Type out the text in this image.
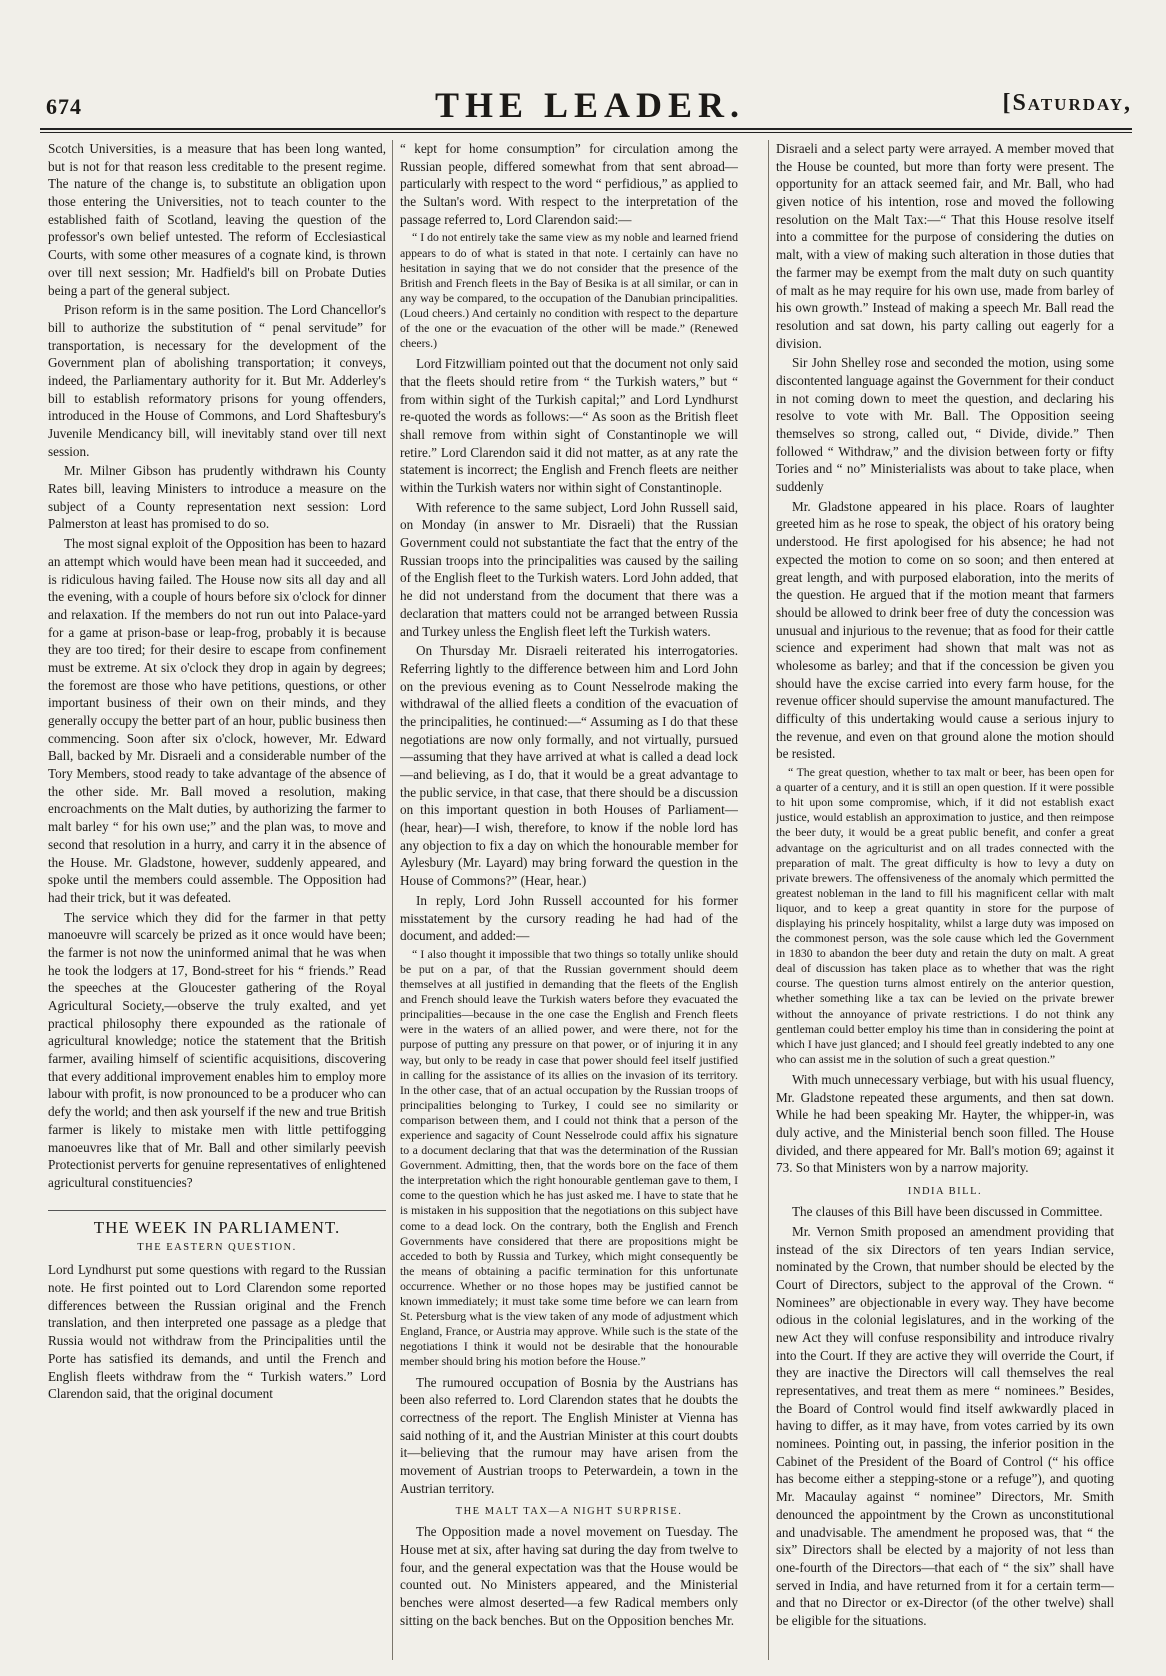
674	THE LEADER.	[Saturday,

Scotch Universities, is a measure that has been long wanted, but is not for that reason less creditable to the present regime. The nature of the change is, to substitute an obligation upon those entering the Universities, not to teach counter to the established faith of Scotland, leaving the question of the professor's own belief untested. The reform of Ecclesiastical Courts, with some other measures of a cognate kind, is thrown over till next session; Mr. Hadfield's bill on Probate Duties being a part of the general subject.

Prison reform is in the same position. The Lord Chancellor's bill to authorize the substitution of “ penal servitude” for transportation, is necessary for the development of the Government plan of abolishing transportation; it conveys, indeed, the Parliamentary authority for it. But Mr. Adderley's bill to establish reformatory prisons for young offenders, introduced in the House of Commons, and Lord Shaftesbury's Juvenile Mendicancy bill, will inevitably stand over till next session.

Mr. Milner Gibson has prudently withdrawn his County Rates bill, leaving Ministers to introduce a measure on the subject of a County representation next session: Lord Palmerston at least has promised to do so.

The most signal exploit of the Opposition has been to hazard an attempt which would have been mean had it succeeded, and is ridiculous having failed. The House now sits all day and all the evening, with a couple of hours before six o'clock for dinner and relaxation. If the members do not run out into Palace-yard for a game at prison-base or leap-frog, probably it is because they are too tired; for their desire to escape from confinement must be extreme. At six o'clock they drop in again by degrees; the foremost are those who have petitions, questions, or other important business of their own on their minds, and they generally occupy the better part of an hour, public business then commencing. Soon after six o'clock, however, Mr. Edward Ball, backed by Mr. Disraeli and a considerable number of the Tory Members, stood ready to take advantage of the absence of the other side. Mr. Ball moved a resolution, making encroachments on the Malt duties, by authorizing the farmer to malt barley “ for his own use;” and the plan was, to move and second that resolution in a hurry, and carry it in the absence of the House. Mr. Gladstone, however, suddenly appeared, and spoke until the members could assemble. The Opposition had had their trick, but it was defeated.

The service which they did for the farmer in that petty manoeuvre will scarcely be prized as it once would have been; the farmer is not now the uninformed animal that he was when he took the lodgers at 17, Bond-street for his “ friends.” Read the speeches at the Gloucester gathering of the Royal Agricultural Society,—observe the truly exalted, and yet practical philosophy there expounded as the rationale of agricultural knowledge; notice the statement that the British farmer, availing himself of scientific acquisitions, discovering that every additional improvement enables him to employ more labour with profit, is now pronounced to be a producer who can defy the world; and then ask yourself if the new and true British farmer is likely to mistake men with little pettifogging manoeuvres like that of Mr. Ball and other similarly peevish Protectionist perverts for genuine representatives of enlightened agricultural constituencies?

THE WEEK IN PARLIAMENT.
THE EASTERN QUESTION.

Lord Lyndhurst put some questions with regard to the Russian note. He first pointed out to Lord Clarendon some reported differences between the Russian original and the French translation, and then interpreted one passage as a pledge that Russia would not withdraw from the Principalities until the Porte has satisfied its demands, and until the French and English fleets withdraw from the “ Turkish waters.” Lord Clarendon said, that the original document

“ kept for home consumption” for circulation among the Russian people, differed somewhat from that sent abroad—particularly with respect to the word “ perfidious,” as applied to the Sultan's word. With respect to the interpretation of the passage referred to, Lord Clarendon said:—

“ I do not entirely take the same view as my noble and learned friend appears to do of what is stated in that note. I certainly can have no hesitation in saying that we do not consider that the presence of the British and French fleets in the Bay of Besika is at all similar, or can in any way be compared, to the occupation of the Danubian principalities. (Loud cheers.) And certainly no condition with respect to the departure of the one or the evacuation of the other will be made.” (Renewed cheers.)

Lord Fitzwilliam pointed out that the document not only said that the fleets should retire from “ the Turkish waters,” but “ from within sight of the Turkish capital;” and Lord Lyndhurst re-quoted the words as follows:—“ As soon as the British fleet shall remove from within sight of Constantinople we will retire.” Lord Clarendon said it did not matter, as at any rate the statement is incorrect; the English and French fleets are neither within the Turkish waters nor within sight of Constantinople.

With reference to the same subject, Lord John Russell said, on Monday (in answer to Mr. Disraeli) that the Russian Government could not substantiate the fact that the entry of the Russian troops into the principalities was caused by the sailing of the English fleet to the Turkish waters. Lord John added, that he did not understand from the document that there was a declaration that matters could not be arranged between Russia and Turkey unless the English fleet left the Turkish waters.

On Thursday Mr. Disraeli reiterated his interrogatories. Referring lightly to the difference between him and Lord John on the previous evening as to Count Nesselrode making the withdrawal of the allied fleets a condition of the evacuation of the principalities, he continued:—“ Assuming as I do that these negotiations are now only formally, and not virtually, pursued—assuming that they have arrived at what is called a dead lock—and believing, as I do, that it would be a great advantage to the public service, in that case, that there should be a discussion on this important question in both Houses of Parliament—(hear, hear)—I wish, therefore, to know if the noble lord has any objection to fix a day on which the honourable member for Aylesbury (Mr. Layard) may bring forward the question in the House of Commons?” (Hear, hear.)

In reply, Lord John Russell accounted for his former misstatement by the cursory reading he had had of the document, and added:—

“ I also thought it impossible that two things so totally unlike should be put on a par, of that the Russian government should deem themselves at all justified in demanding that the fleets of the English and French should leave the Turkish waters before they evacuated the principalities—because in the one case the English and French fleets were in the waters of an allied power, and were there, not for the purpose of putting any pressure on that power, or of injuring it in any way, but only to be ready in case that power should feel itself justified in calling for the assistance of its allies on the invasion of its territory. In the other case, that of an actual occupation by the Russian troops of principalities belonging to Turkey, I could see no similarity or comparison between them, and I could not think that a person of the experience and sagacity of Count Nesselrode could affix his signature to a document declaring that that was the determination of the Russian Government. Admitting, then, that the words bore on the face of them the interpretation which the right honourable gentleman gave to them, I come to the question which he has just asked me. I have to state that he is mistaken in his supposition that the negotiations on this subject have come to a dead lock. On the contrary, both the English and French Governments have considered that there are propositions might be acceded to both by Russia and Turkey, which might consequently be the means of obtaining a pacific termination for this unfortunate occurrence. Whether or no those hopes may be justified cannot be known immediately; it must take some time before we can learn from St. Petersburg what is the view taken of any mode of adjustment which England, France, or Austria may approve. While such is the state of the negotiations I think it would not be desirable that the honourable member should bring his motion before the House.”

The rumoured occupation of Bosnia by the Austrians has been also referred to. Lord Clarendon states that he doubts the correctness of the report. The English Minister at Vienna has said nothing of it, and the Austrian Minister at this court doubts it—believing that the rumour may have arisen from the movement of Austrian troops to Peterwardein, a town in the Austrian territory.

THE MALT TAX—A NIGHT SURPRISE.

The Opposition made a novel movement on Tuesday. The House met at six, after having sat during the day from twelve to four, and the general expectation was that the House would be counted out. No Ministers appeared, and the Ministerial benches were almost deserted—a few Radical members only sitting on the back benches. But on the Opposition benches Mr.

Disraeli and a select party were arrayed. A member moved that the House be counted, but more than forty were present. The opportunity for an attack seemed fair, and Mr. Ball, who had given notice of his intention, rose and moved the following resolution on the Malt Tax:—“ That this House resolve itself into a committee for the purpose of considering the duties on malt, with a view of making such alteration in those duties that the farmer may be exempt from the malt duty on such quantity of malt as he may require for his own use, made from barley of his own growth.” Instead of making a speech Mr. Ball read the resolution and sat down, his party calling out eagerly for a division.

Sir John Shelley rose and seconded the motion, using some discontented language against the Government for their conduct in not coming down to meet the question, and declaring his resolve to vote with Mr. Ball. The Opposition seeing themselves so strong, called out, “ Divide, divide.” Then followed “ Withdraw,” and the division between forty or fifty Tories and “ no” Ministerialists was about to take place, when suddenly

Mr. Gladstone appeared in his place. Roars of laughter greeted him as he rose to speak, the object of his oratory being understood. He first apologised for his absence; he had not expected the motion to come on so soon; and then entered at great length, and with purposed elaboration, into the merits of the question. He argued that if the motion meant that farmers should be allowed to drink beer free of duty the concession was unusual and injurious to the revenue; that as food for their cattle science and experiment had shown that malt was not as wholesome as barley; and that if the concession be given you should have the excise carried into every farm house, for the revenue officer should supervise the amount manufactured. The difficulty of this undertaking would cause a serious injury to the revenue, and even on that ground alone the motion should be resisted.

“ The great question, whether to tax malt or beer, has been open for a quarter of a century, and it is still an open question. If it were possible to hit upon some compromise, which, if it did not establish exact justice, would establish an approximation to justice, and then reimpose the beer duty, it would be a great public benefit, and confer a great advantage on the agriculturist and on all trades connected with the preparation of malt. The great difficulty is how to levy a duty on private brewers. The offensiveness of the anomaly which permitted the greatest nobleman in the land to fill his magnificent cellar with malt liquor, and to keep a great quantity in store for the purpose of displaying his princely hospitality, whilst a large duty was imposed on the commonest person, was the sole cause which led the Government in 1830 to abandon the beer duty and retain the duty on malt. A great deal of discussion has taken place as to whether that was the right course. The question turns almost entirely on the anterior question, whether something like a tax can be levied on the private brewer without the annoyance of private restrictions. I do not think any gentleman could better employ his time than in considering the point at which I have just glanced; and I should feel greatly indebted to any one who can assist me in the solution of such a great question.”

With much unnecessary verbiage, but with his usual fluency, Mr. Gladstone repeated these arguments, and then sat down. While he had been speaking Mr. Hayter, the whipper-in, was duly active, and the Ministerial bench soon filled. The House divided, and there appeared for Mr. Ball's motion 69; against it 73. So that Ministers won by a narrow majority.

INDIA BILL.

The clauses of this Bill have been discussed in Committee.

Mr. Vernon Smith proposed an amendment providing that instead of the six Directors of ten years Indian service, nominated by the Crown, that number should be elected by the Court of Directors, subject to the approval of the Crown. “ Nominees” are objectionable in every way. They have become odious in the colonial legislatures, and in the working of the new Act they will confuse responsibility and introduce rivalry into the Court. If they are active they will override the Court, if they are inactive the Directors will call themselves the real representatives, and treat them as mere “ nominees.” Besides, the Board of Control would find itself awkwardly placed in having to differ, as it may have, from votes carried by its own nominees. Pointing out, in passing, the inferior position in the Cabinet of the President of the Board of Control (“ his office has become either a stepping-stone or a refuge”), and quoting Mr. Macaulay against “ nominee” Directors, Mr. Smith denounced the appointment by the Crown as unconstitutional and unadvisable. The amendment he proposed was, that “ the six” Directors shall be elected by a majority of not less than one-fourth of the Directors—that each of “ the six” shall have served in India, and have returned from it for a certain term—and that no Director or ex-Director (of the other twelve) shall be eligible for the situations.
